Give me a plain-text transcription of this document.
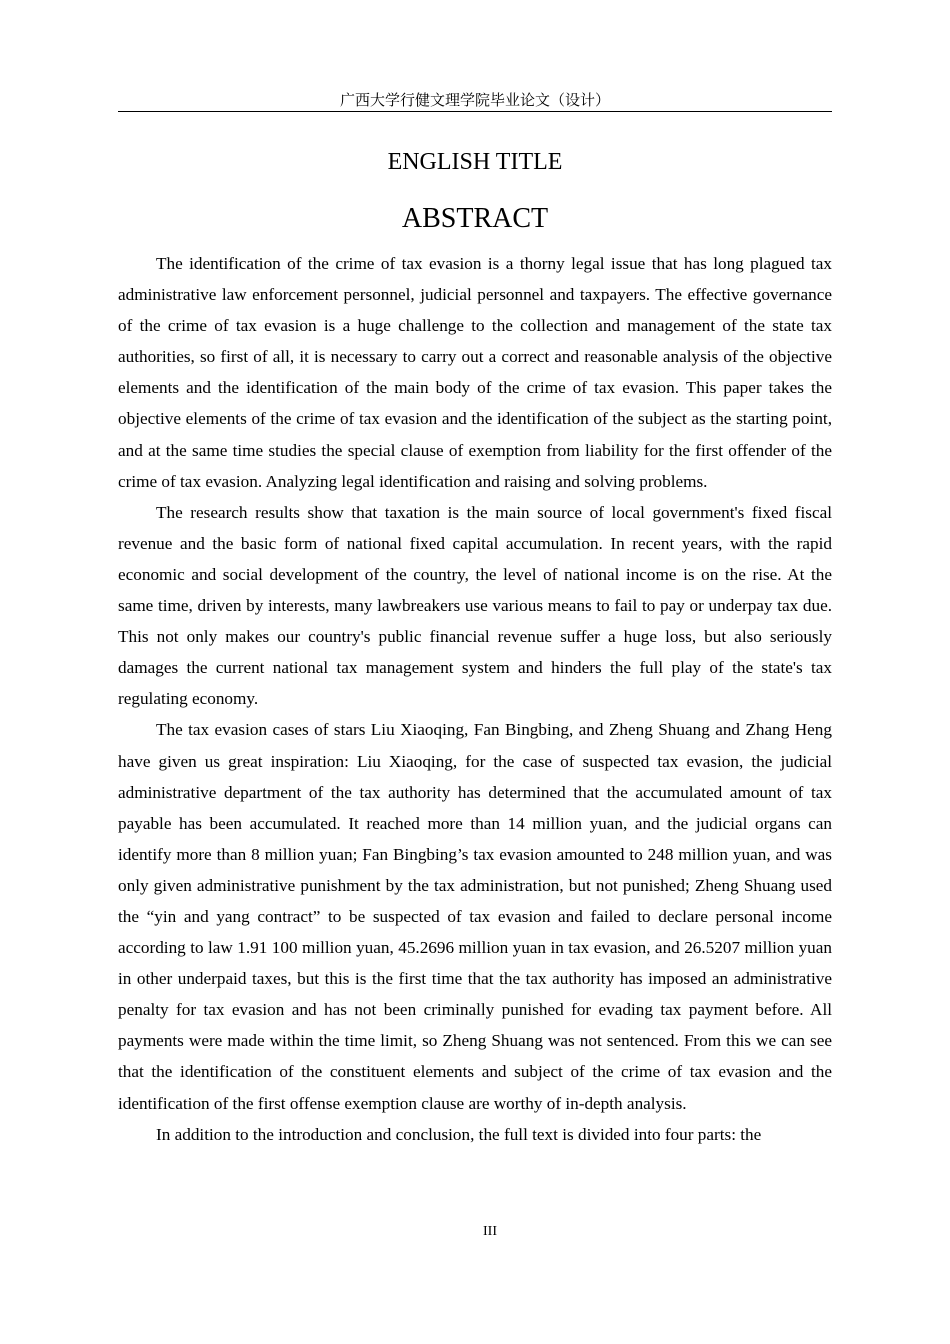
广西大学行健文理学院毕业论文（设计）
ENGLISH TITLE
ABSTRACT

The identification of the crime of tax evasion is a thorny legal issue that has long plagued tax administrative law enforcement personnel, judicial personnel and taxpayers. The effective governance of the crime of tax evasion is a huge challenge to the collection and management of the state tax authorities, so first of all, it is necessary to carry out a correct and reasonable analysis of the objective elements and the identification of the main body of the crime of tax evasion. This paper takes the objective elements of the crime of tax evasion and the identification of the subject as the starting point, and at the same time studies the special clause of exemption from liability for the first offender of the crime of tax evasion. Analyzing legal identification and raising and solving problems.

The research results show that taxation is the main source of local government's fixed fiscal revenue and the basic form of national fixed capital accumulation. In recent years, with the rapid economic and social development of the country, the level of national income is on the rise. At the same time, driven by interests, many lawbreakers use various means to fail to pay or underpay tax due. This not only makes our country's public financial revenue suffer a huge loss, but also seriously damages the current national tax management system and hinders the full play of the state's tax regulating economy.

The tax evasion cases of stars Liu Xiaoqing, Fan Bingbing, and Zheng Shuang and Zhang Heng have given us great inspiration: Liu Xiaoqing, for the case of suspected tax evasion, the judicial administrative department of the tax authority has determined that the accumulated amount of tax payable has been accumulated. It reached more than 14 million yuan, and the judicial organs can identify more than 8 million yuan; Fan Bingbing’s tax evasion amounted to 248 million yuan, and was only given administrative punishment by the tax administration, but not punished; Zheng Shuang used the “yin and yang contract” to be suspected of tax evasion and failed to declare personal income according to law 1.91 100 million yuan, 45.2696 million yuan in tax evasion, and 26.5207 million yuan in other underpaid taxes, but this is the first time that the tax authority has imposed an administrative penalty for tax evasion and has not been criminally punished for evading tax payment before. All payments were made within the time limit, so Zheng Shuang was not sentenced. From this we can see that the identification of the constituent elements and subject of the crime of tax evasion and the identification of the first offense exemption clause are worthy of in-depth analysis.

In addition to the introduction and conclusion, the full text is divided into four parts: the

III
